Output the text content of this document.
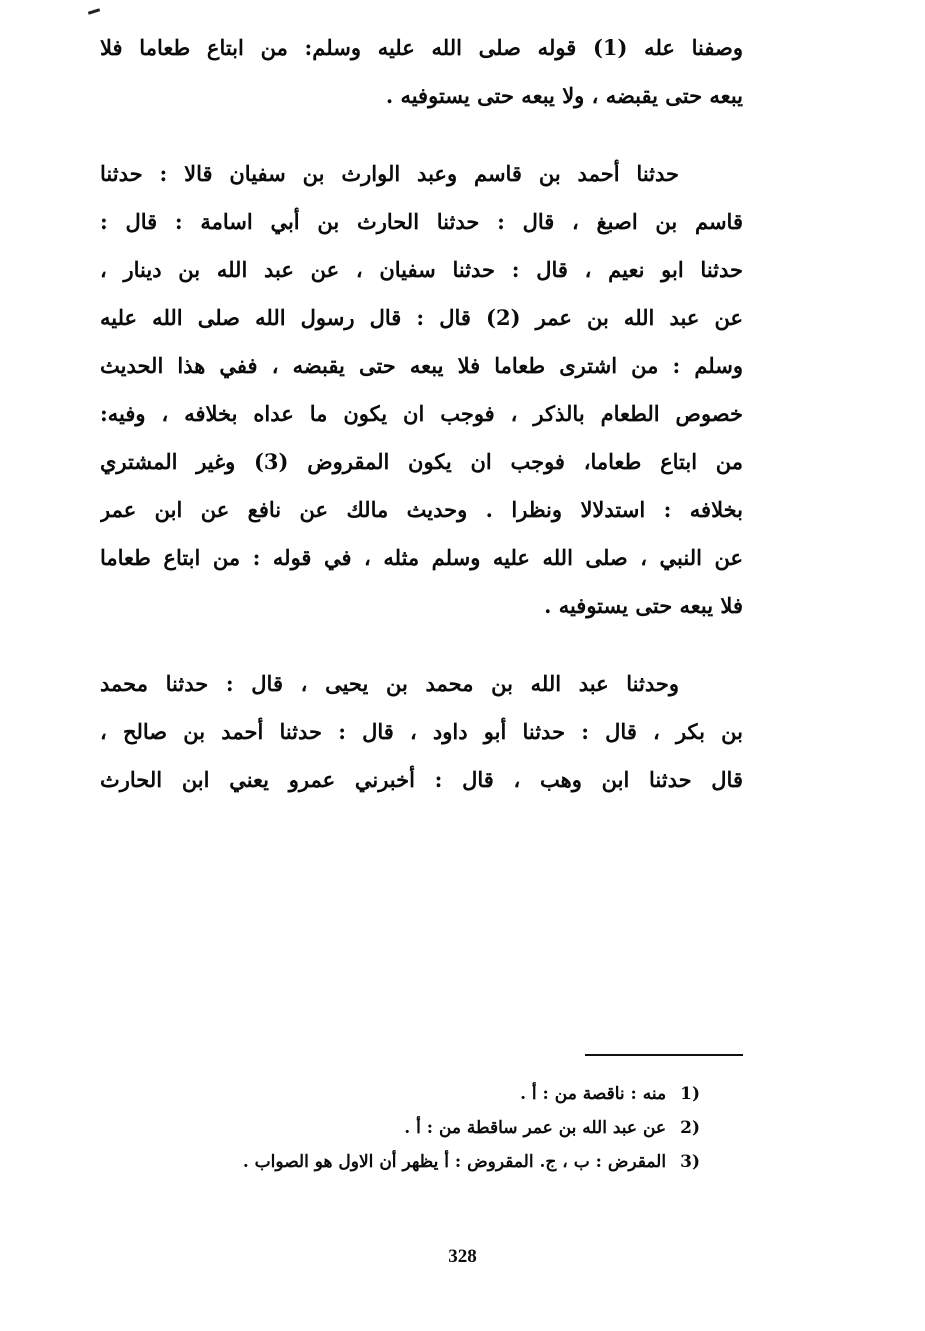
وصفنا عله (1) قوله صلى الله عليه وسلم: من ابتاع طعاما فلا
يبعه حتى يقبضه ، ولا يبعه حتى يستوفيه .
حدثنا أحمد بن قاسم وعبد الوارث بن سفيان قالا : حدثنا
قاسم بن اصبغ ، قال : حدثنا الحارث بن أبي اسامة : قال :
حدثنا ابو نعيم ، قال : حدثنا سفيان ، عن عبد الله بن دينار ،
عن عبد الله بن عمر (2) قال : قال رسول الله صلى الله عليه
وسلم : من اشترى طعاما فلا يبعه حتى يقبضه ، ففي هذا الحديث
خصوص الطعام بالذكر ، فوجب ان يكون ما عداه بخلافه ، وفيه:
من ابتاع طعاما، فوجب ان يكون المقروض (3) وغير المشتري
بخلافه : استدلالا ونظرا . وحديث مالك عن نافع عن ابن عمر
عن النبي ، صلى الله عليه وسلم مثله ، في قوله : من ابتاع طعاما
فلا يبعه حتى يستوفيه .
وحدثنا عبد الله بن محمد بن يحيى ، قال : حدثنا محمد
بن بكر ، قال : حدثنا أبو داود ، قال : حدثنا أحمد بن صالح ،
قال حدثنا ابن وهب ، قال : أخبرني عمرو يعني ابن الحارث
(1 منه : ناقصة من : أ .
(2 عن عبد الله بن عمر ساقطة من : أ .
(3 المقرض : ب ، ج. المقروض : أ يظهر أن الاول هو الصواب .
328
